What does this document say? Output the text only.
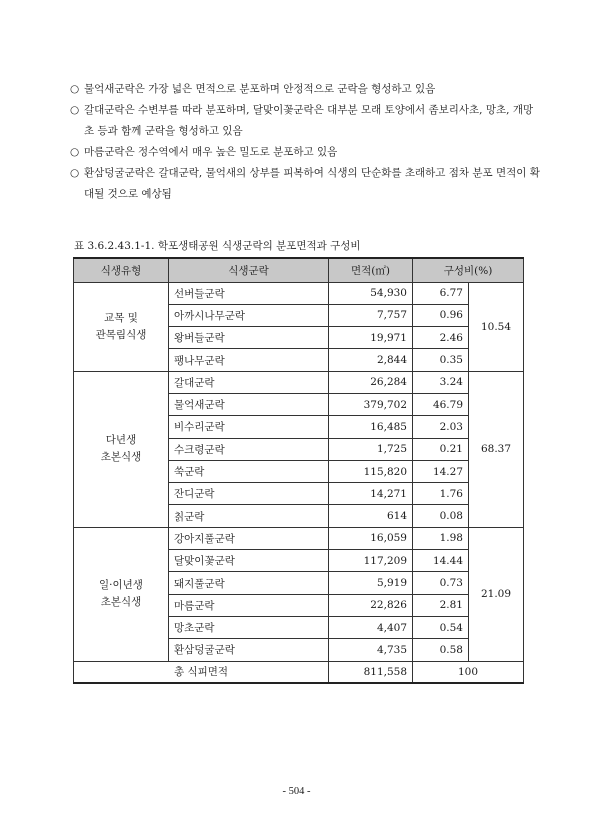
○ 물억새군락은 가장 넓은 면적으로 분포하며 안정적으로 군락을 형성하고 있음
○ 갈대군락은 수변부를 따라 분포하며, 달맞이꽃군락은 대부분 모래 토양에서 좀보리사초, 망초, 개망초 등과 함께 군락을 형성하고 있음
○ 마름군락은 정수역에서 매우 높은 밀도로 분포하고 있음
○ 환삼덩굴군락은 갈대군락, 물억새의 상부를 피복하여 식생의 단순화를 초래하고 점차 분포 면적이 확대될 것으로 예상됨
표 3.6.2.43.1-1. 학포생태공원 식생군락의 분포면적과 구성비
식생유형	식생군락	면적(㎡)	구성비(%)	
교목 및
관목림식생	선버들군락	54,930	6.77	10.54
	아까시나무군락	7,757	0.96	
	왕버들군락	19,971	2.46	
	팽나무군락	2,844	0.35	
다년생
초본식생	갈대군락	26,284	3.24	68.37
	물억새군락	379,702	46.79	
	비수리군락	16,485	2.03	
	수크령군락	1,725	0.21	
	쑥군락	115,820	14.27	
	잔디군락	14,271	1.76	
	칡군락	614	0.08	
일·이년생
초본식생	강아지풀군락	16,059	1.98	21.09
	달맞이꽃군락	117,209	14.44	
	돼지풀군락	5,919	0.73	
	마름군락	22,826	2.81	
	망초군락	4,407	0.54	
	환삼덩굴군락	4,735	0.58	
총 식피면적		811,558	100	
- 504 -
